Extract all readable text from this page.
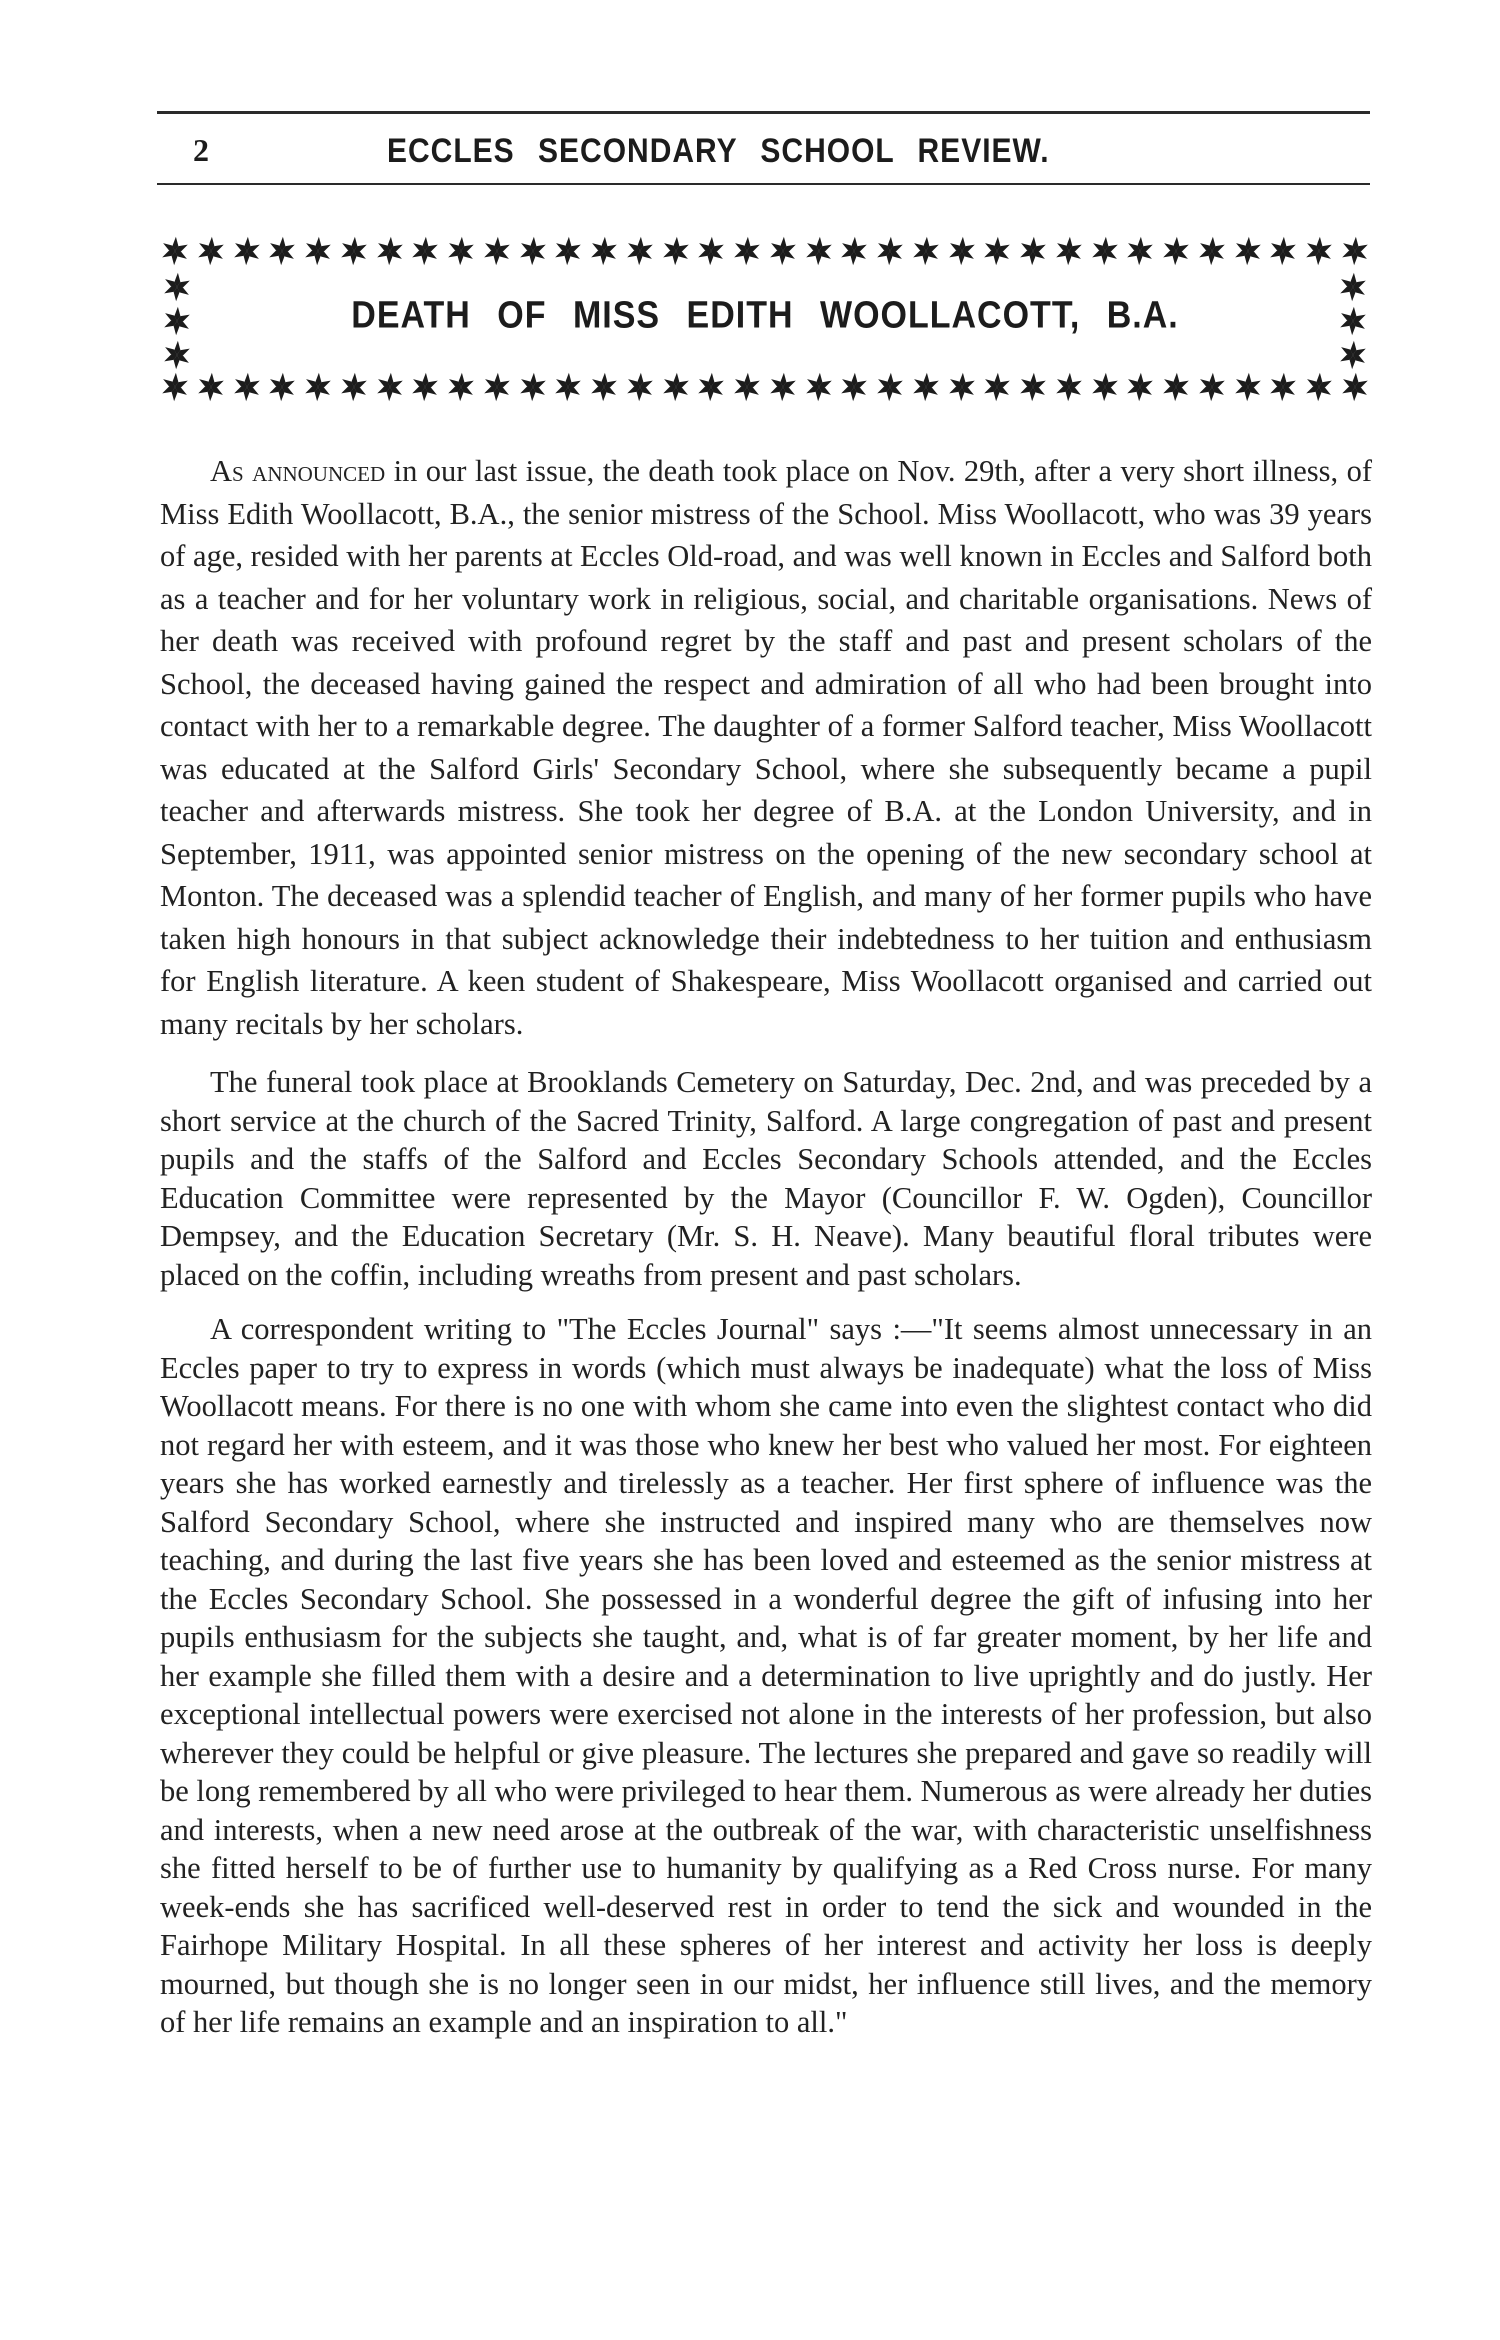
2	ECCLES SECONDARY SCHOOL REVIEW.
DEATH OF MISS EDITH WOOLLACOTT, B.A.

As announced in our last issue, the death took place on Nov. 29th, after a very short illness, of Miss Edith Woollacott, B.A., the senior mistress of the School. Miss Woollacott, who was 39 years of age, resided with her parents at Eccles Old-road, and was well known in Eccles and Salford both as a teacher and for her voluntary work in religious, social, and charitable organisations. News of her death was received with profound regret by the staff and past and present scholars of the School, the deceased having gained the respect and admiration of all who had been brought into contact with her to a remarkable degree. The daughter of a former Salford teacher, Miss Woollacott was educated at the Salford Girls' Secondary School, where she subsequently became a pupil teacher and afterwards mistress. She took her degree of B.A. at the London University, and in September, 1911, was appointed senior mistress on the opening of the new secondary school at Monton. The deceased was a splendid teacher of English, and many of her former pupils who have taken high honours in that subject acknowledge their indebtedness to her tuition and enthusiasm for English literature. A keen student of Shakespeare, Miss Woollacott organised and carried out many recitals by her scholars.

The funeral took place at Brooklands Cemetery on Saturday, Dec. 2nd, and was preceded by a short service at the church of the Sacred Trinity, Salford. A large congregation of past and present pupils and the staffs of the Salford and Eccles Secondary Schools attended, and the Eccles Education Committee were represented by the Mayor (Councillor F. W. Ogden), Councillor Dempsey, and the Education Secretary (Mr. S. H. Neave). Many beautiful floral tributes were placed on the coffin, including wreaths from present and past scholars.

A correspondent writing to "The Eccles Journal" says :—"It seems almost unnecessary in an Eccles paper to try to express in words (which must always be inadequate) what the loss of Miss Woollacott means. For there is no one with whom she came into even the slightest contact who did not regard her with esteem, and it was those who knew her best who valued her most. For eighteen years she has worked earnestly and tirelessly as a teacher. Her first sphere of influence was the Salford Secondary School, where she instructed and inspired many who are themselves now teaching, and during the last five years she has been loved and esteemed as the senior mistress at the Eccles Secondary School. She possessed in a wonderful degree the gift of infusing into her pupils enthusiasm for the subjects she taught, and, what is of far greater moment, by her life and her example she filled them with a desire and a determination to live uprightly and do justly. Her exceptional intellectual powers were exercised not alone in the interests of her profession, but also wherever they could be helpful or give pleasure. The lectures she prepared and gave so readily will be long remembered by all who were privileged to hear them. Numerous as were already her duties and interests, when a new need arose at the outbreak of the war, with characteristic unselfishness she fitted herself to be of further use to humanity by qualifying as a Red Cross nurse. For many week-ends she has sacrificed well-deserved rest in order to tend the sick and wounded in the Fairhope Military Hospital. In all these spheres of her interest and activity her loss is deeply mourned, but though she is no longer seen in our midst, her influence still lives, and the memory of her life remains an example and an inspiration to all."
